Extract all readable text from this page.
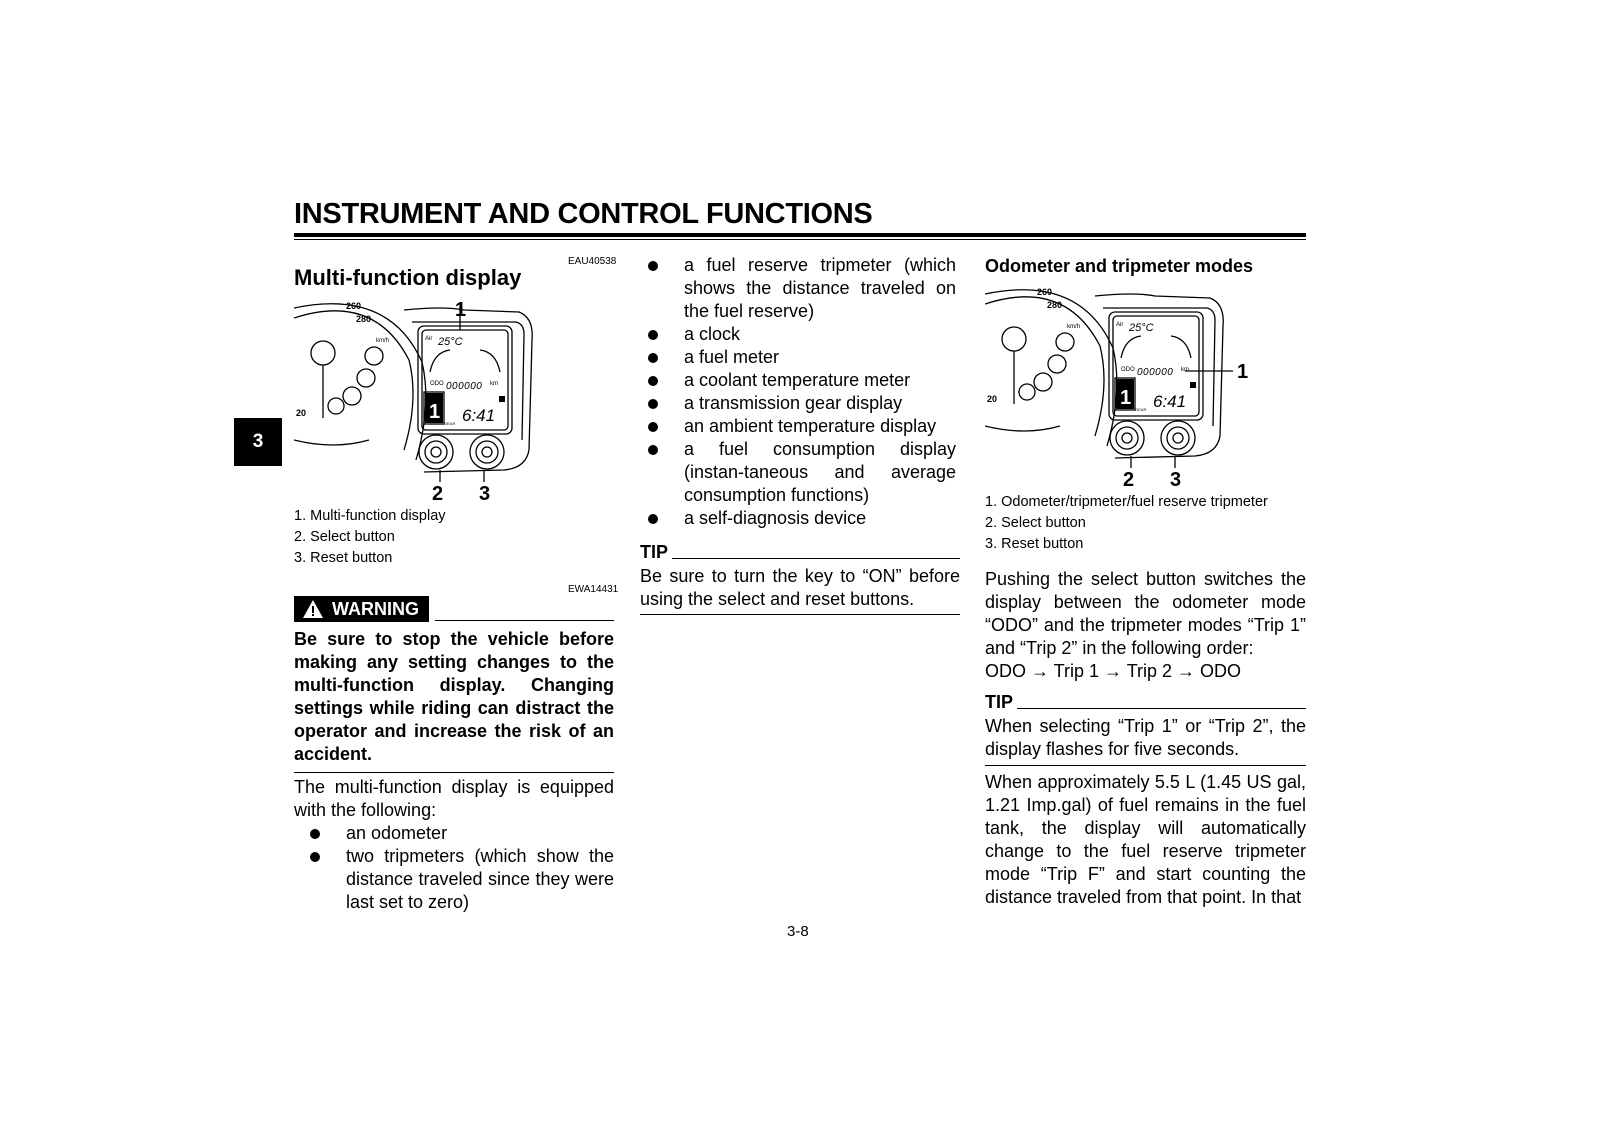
INSTRUMENT AND CONTROL FUNCTIONS
3
EAU40538
Multi-function display
260
280
20
km/h	Air 25°C
ODO 000000 km
1
GEAR 6:41
1
2 3
1. Multi-function display
2. Select button
3. Reset button
EWA14431
WARNING
Be sure to stop the vehicle before making any setting changes to the multi-function display. Changing settings while riding can distract the operator and increase the risk of an accident.
The multi-function display is equipped with the following:
an odometer
two tripmeters (which show the distance traveled since they were last set to zero)
a fuel reserve tripmeter (which shows the distance traveled on the fuel reserve)
a clock
a fuel meter
a coolant temperature meter
a transmission gear display
an ambient temperature display
a fuel consumption display (instan-taneous and average consumption functions)
a self-diagnosis device
TIP
Be sure to turn the key to “ON” before using the select and reset buttons.
Odometer and tripmeter modes
260
280
20
km/h	Air 25°C
ODO 000000 km
1
GEAR 6:41
1
2 3
1. Odometer/tripmeter/fuel reserve tripmeter
2. Select button
3. Reset button
Pushing the select button switches the display between the odometer mode “ODO” and the tripmeter modes “Trip 1” and “Trip 2” in the following order:
ODO → Trip 1 → Trip 2 → ODO
TIP
When selecting “Trip 1” or “Trip 2”, the display flashes for five seconds.
When approximately 5.5 L (1.45 US gal, 1.21 Imp.gal) of fuel remains in the fuel tank, the display will automatically change to the fuel reserve tripmeter mode “Trip F” and start counting the distance traveled from that point. In that
3-8
